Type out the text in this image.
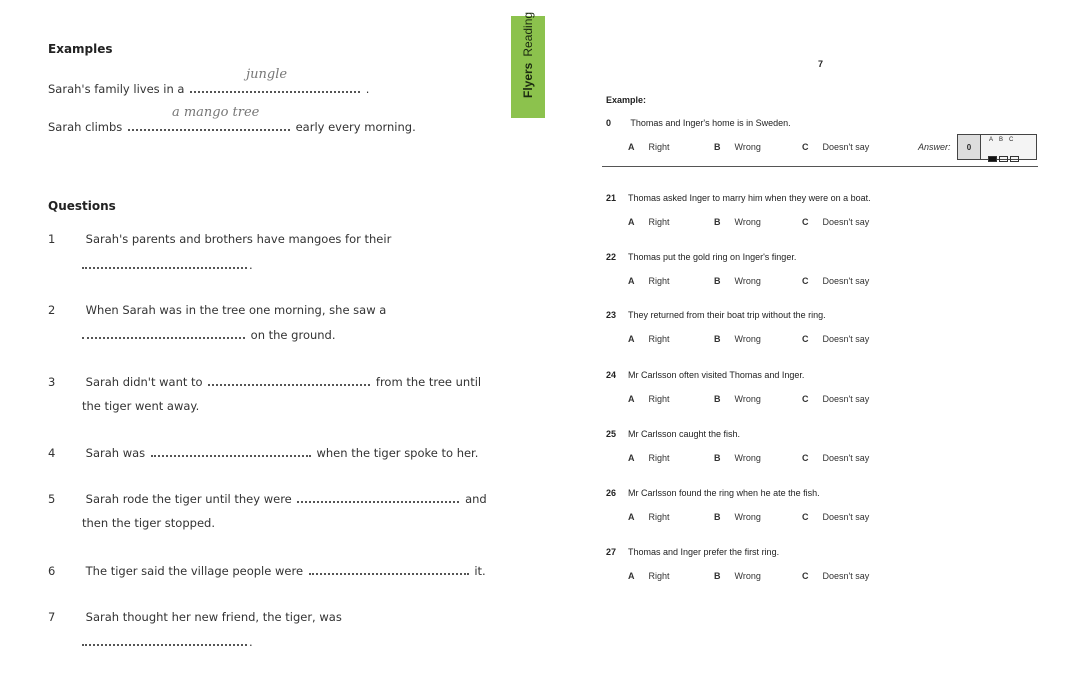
Examples
Sarah's family lives in a
jungle
.
Sarah climbs
a mango tree
early every morning.
Questions
1	Sarah's parents and brothers have mangoes for their
.
2	When Sarah was in the tree one morning, she saw a
on the ground.
3	Sarah didn't want to	from the tree until
the tiger went away.
4	Sarah was	when the tiger spoke to her.
5	Sarah rode the tiger until they were	and
then the tiger stopped.
6	The tiger said the village people were	it.
7	Sarah thought her new friend, the tiger, was
.
Flyers
Reading
7
Example:
0 Thomas and Inger's home is in Sweden.
A Right	B Wrong	C Doesn't say	Answer:	0
ABC
21 Thomas asked Inger to marry him when they were on a boat.
A Right	B Wrong	C Doesn't say
22 Thomas put the gold ring on Inger's finger.
A Right	B Wrong	C Doesn't say
23 They returned from their boat trip without the ring.
A Right	B Wrong	C Doesn't say
24 Mr Carlsson often visited Thomas and Inger.
A Right	B Wrong	C Doesn't say
25 Mr Carlsson caught the fish.
A Right	B Wrong	C Doesn't say
26 Mr Carlsson found the ring when he ate the fish.
A Right	B Wrong	C Doesn't say
27 Thomas and Inger prefer the first ring.
A Right	B Wrong	C Doesn't say
